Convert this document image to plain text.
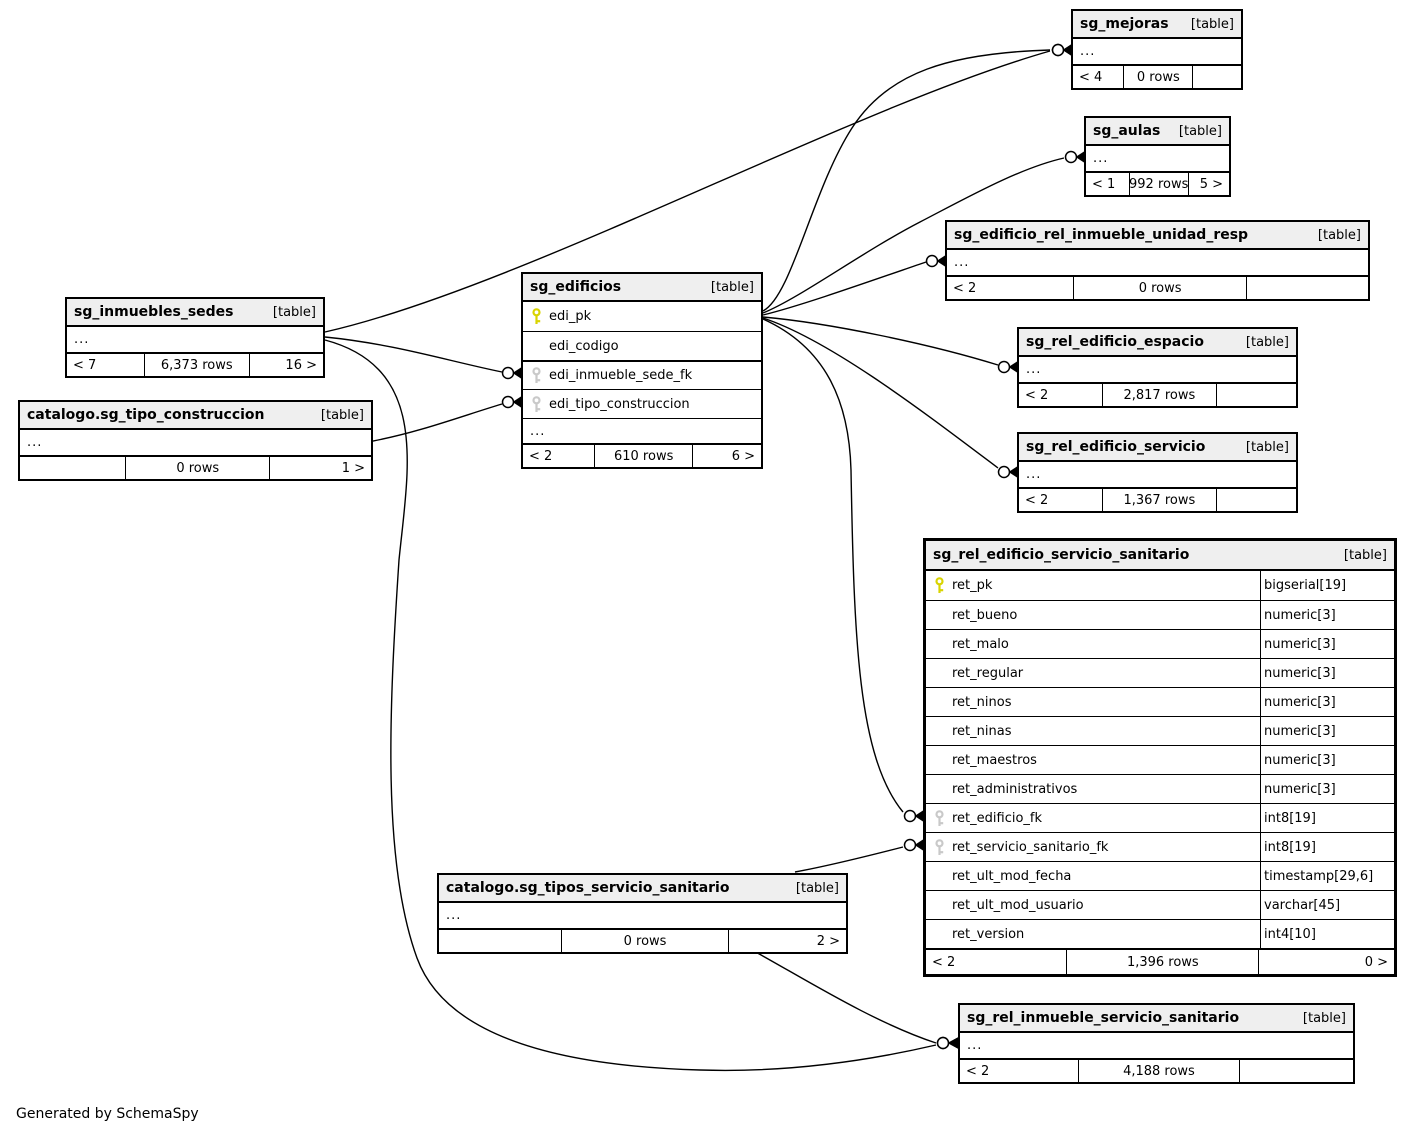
sg_mejoras [table]
...
< 4	0 rows
sg_aulas [table]
...
< 1	992 rows 5 >
sg_edificio_rel_inmueble_unidad_resp	[table]
...
< 2	0 rows
sg_rel_edificio_espacio	[table]
...
< 2	2,817 rows
sg_rel_edificio_servicio	[table]
...
< 2	1,367 rows
sg_rel_edificio_servicio_sanitario	[table]
ret_pk	bigserial[19]
ret_bueno	numeric[3]
ret_malo	numeric[3]
ret_regular	numeric[3]
ret_ninos	numeric[3]
ret_ninas	numeric[3]
ret_maestros	numeric[3]
ret_administrativos	numeric[3]
ret_edificio_fk	int8[19]
ret_servicio_sanitario_fk	int8[19]
ret_ult_mod_fecha	timestamp[29,6]
ret_ult_mod_usuario	varchar[45]
ret_version	int4[10]
< 2	1,396 rows	0 >
sg_inmuebles_sedes	[table]
...
< 7	6,373 rows	16 >
catalogo.sg_tipo_construccion	[table]
...
0 rows	1 >
sg_edificios	[table]
edi_pk
edi_codigo
edi_inmueble_sede_fk
edi_tipo_construccion
...
< 2	610 rows	6 >
catalogo.sg_tipos_servicio_sanitario	[table]
...
0 rows	2 >
sg_rel_inmueble_servicio_sanitario	[table]
...
< 2	4,188 rows
Generated by SchemaSpy
